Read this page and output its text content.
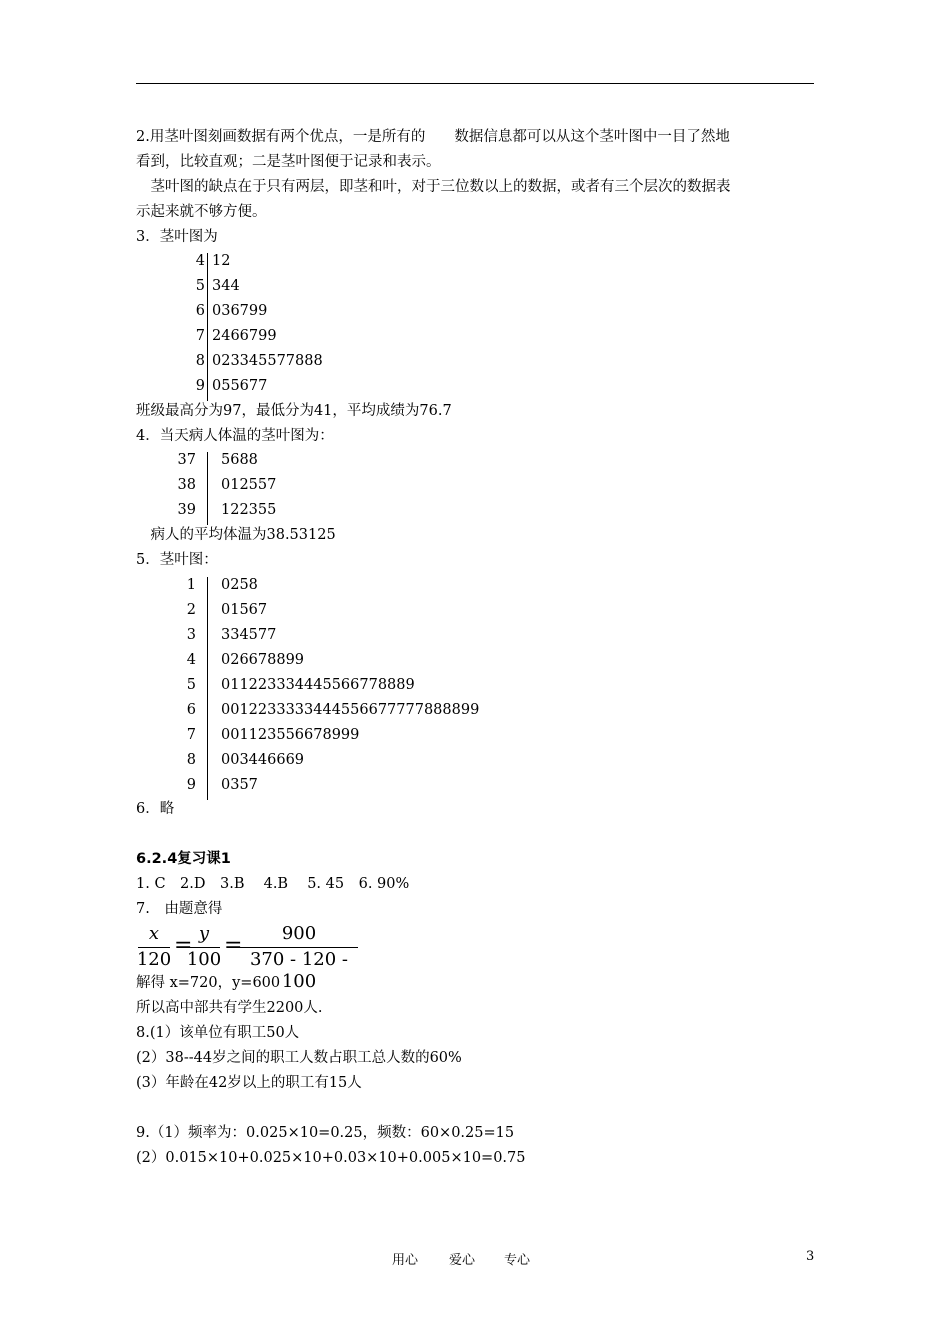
2.用茎叶图刻画数据有两个优点，一是所有的　　数据信息都可以从这个茎叶图中一目了然地
看到，比较直观；二是茎叶图便于记录和表示。
　茎叶图的缺点在于只有两层，即茎和叶，对于三位数以上的数据，或者有三个层次的数据表
示起来就不够方便。
3．茎叶图为
4 12
5 344
6 036799
7 2466799
8 023345577888
9 055677
班级最高分为97，最低分为41，平均成绩为76.7
4．当天病人体温的茎叶图为：
37 5688
38 012557
39 122355
　病人的平均体温为38.53125
5．茎叶图：
1 0258
2 01567
3 334577
4 026678899
5 011223334445566778889
6 0012233333444556677777888899
7 001123556678999
8 003446669
9 0357
6．略
6.2.4复习课1
1. C　2.D　3.B　 4.B　 5. 45　6. 90%
7.　由题意得
x
120
= y
100
=	900
370 - 120 - 100
解得 x=720，y=600
所以高中部共有学生2200人.
8.(1）该单位有职工50人
(2）38--44岁之间的职工人数占职工总人数的60%
(3）年龄在42岁以上的职工有15人
9.（1）频率为：0.025×10=0.25，频数：60×0.25=15
(2）0.015×10+0.025×10+0.03×10+0.005×10=0.75
用心 爱心 专心	3
